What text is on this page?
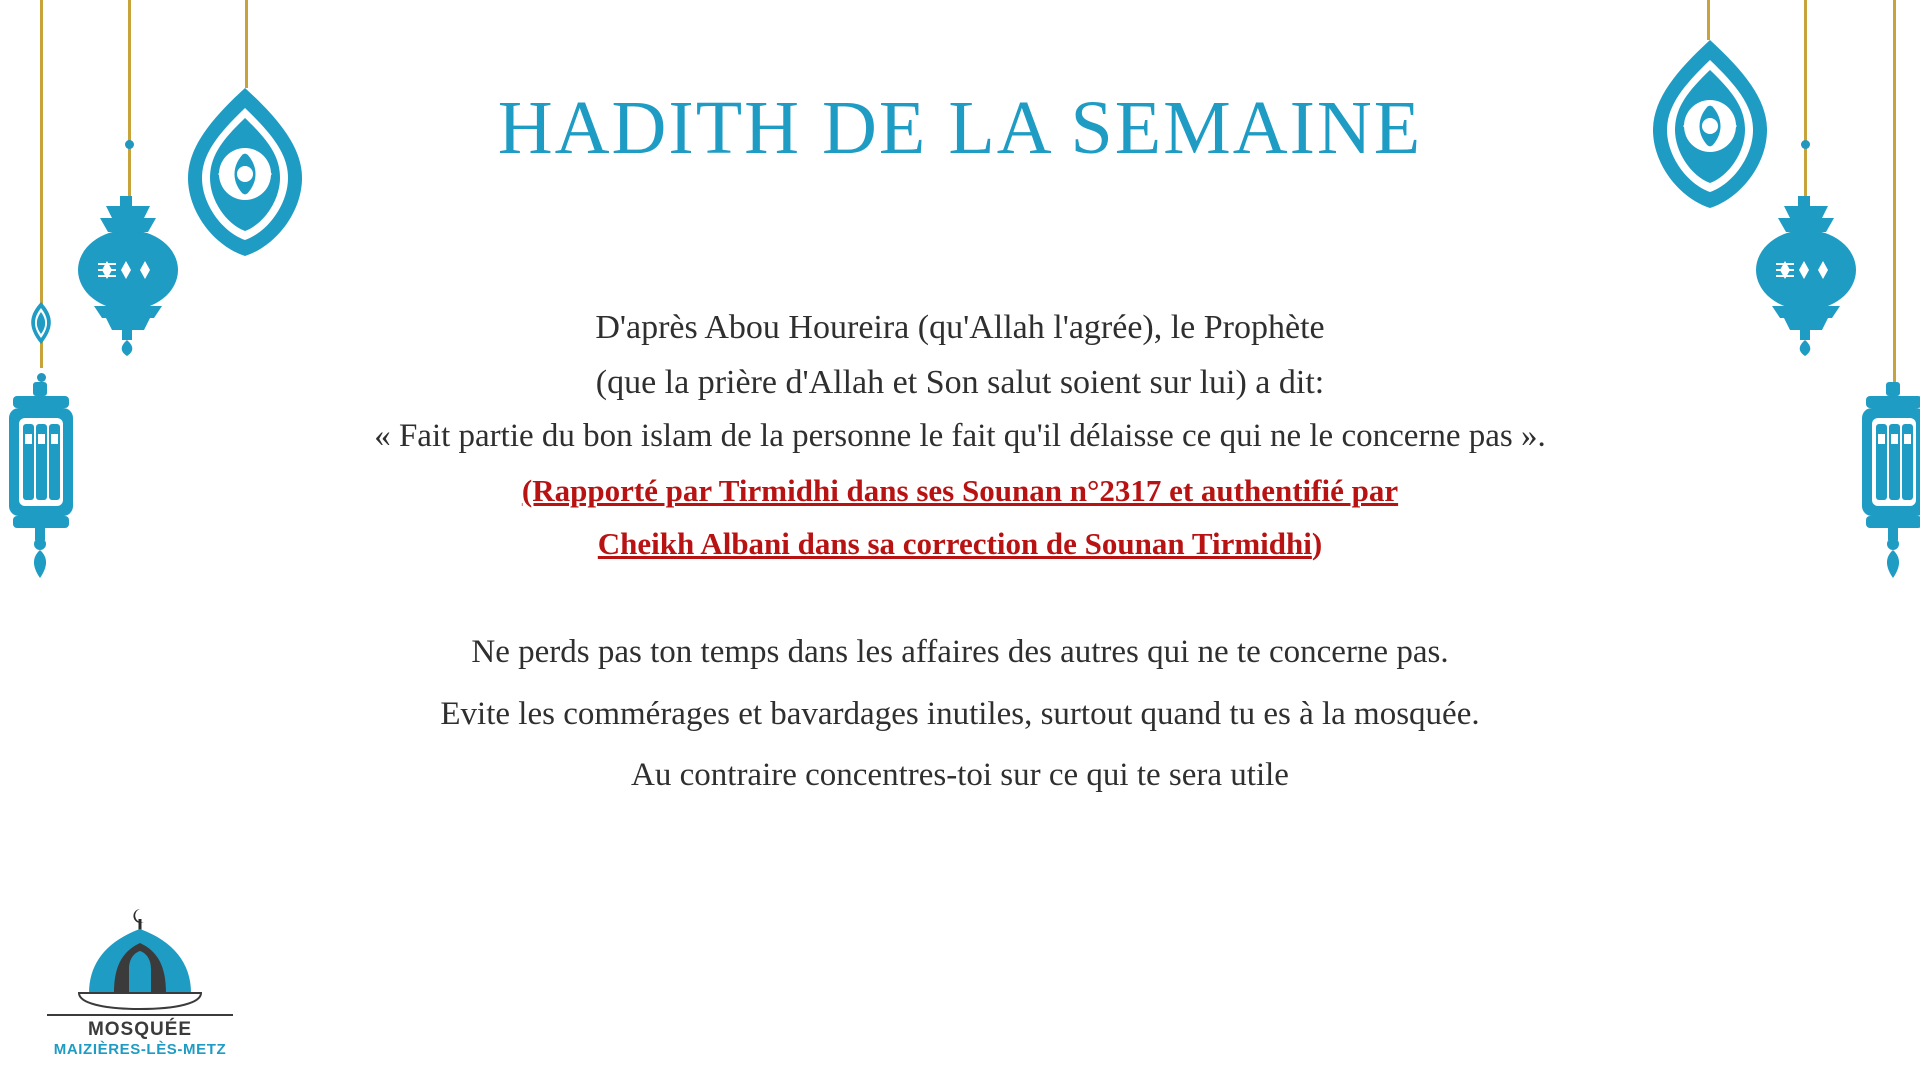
HADITH DE LA SEMAINE
D'après Abou Houreira (qu'Allah l'agrée), le Prophète
(que la prière d'Allah et Son salut soient sur lui) a dit:
« Fait partie du bon islam de la personne le fait qu'il délaisse ce qui ne le concerne pas ».
(Rapporté par Tirmidhi dans ses Sounan n°2317 et authentifié par
Cheikh Albani dans sa correction de Sounan Tirmidhi)
Ne perds pas ton temps dans les affaires des autres qui ne te concerne pas.
Evite les commérages et bavardages inutiles, surtout quand tu es à la mosquée.
Au contraire concentres-toi sur ce qui te sera utile
MOSQUÉE
MAIZIÈRES-LÈS-METZ
